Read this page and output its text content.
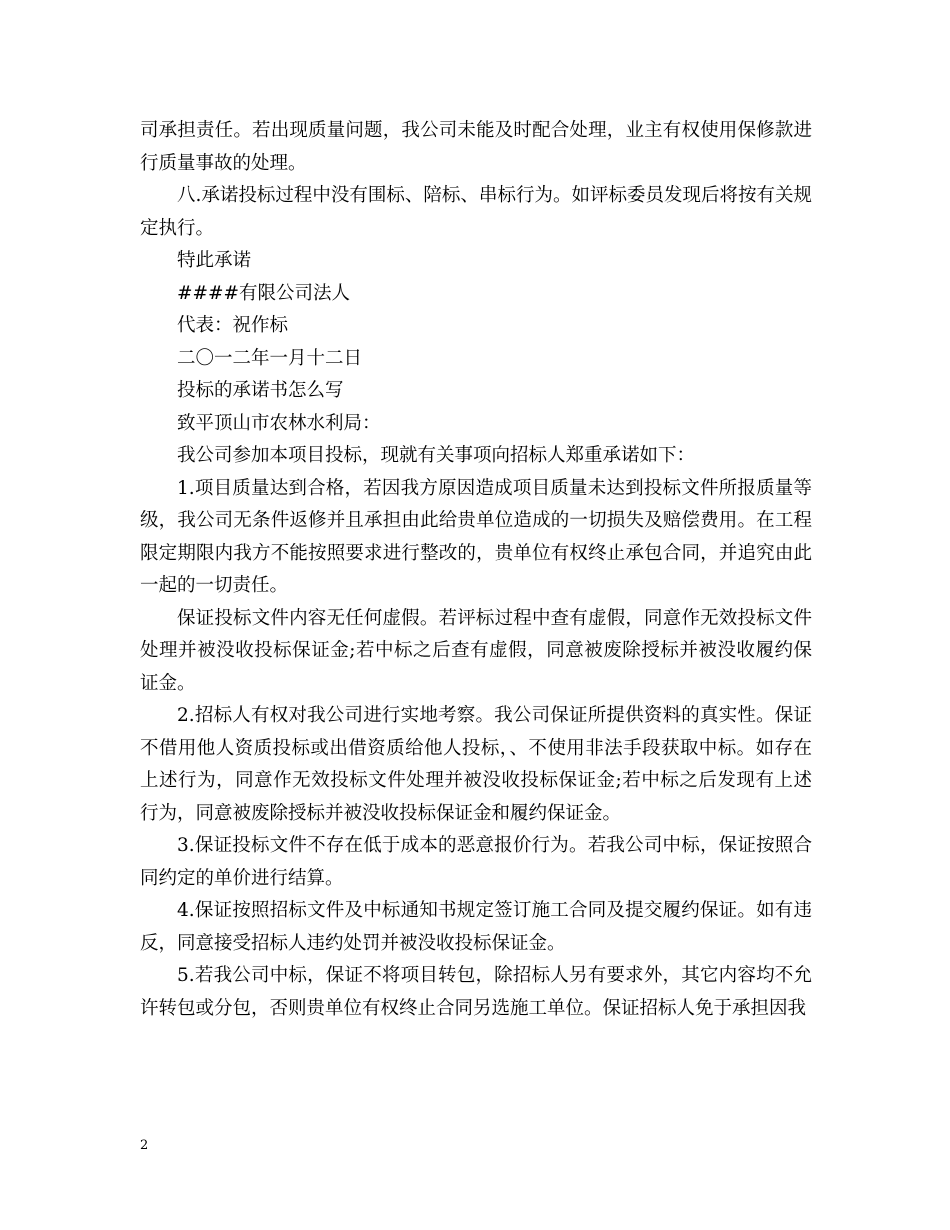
司承担责任。若出现质量问题，我公司未能及时配合处理，业主有权使用保修款进行质量事故的处理。

八.承诺投标过程中没有围标、陪标、串标行为。如评标委员发现后将按有关规定执行。

特此承诺

####有限公司法人

代表：祝作标

二〇一二年一月十二日

投标的承诺书怎么写

致平顶山市农林水利局：

我公司参加本项目投标，现就有关事项向招标人郑重承诺如下：

1.项目质量达到合格，若因我方原因造成项目质量未达到投标文件所报质量等级，我公司无条件返修并且承担由此给贵单位造成的一切损失及赔偿费用。在工程限定期限内我方不能按照要求进行整改的，贵单位有权终止承包合同，并追究由此一起的一切责任。

保证投标文件内容无任何虚假。若评标过程中查有虚假，同意作无效投标文件处理并被没收投标保证金;若中标之后查有虚假，同意被废除授标并被没收履约保证金。

2.招标人有权对我公司进行实地考察。我公司保证所提供资料的真实性。保证不借用他人资质投标或出借资质给他人投标，、不使用非法手段获取中标。如存在上述行为，同意作无效投标文件处理并被没收投标保证金;若中标之后发现有上述行为，同意被废除授标并被没收投标保证金和履约保证金。

3.保证投标文件不存在低于成本的恶意报价行为。若我公司中标，保证按照合同约定的单价进行结算。

4.保证按照招标文件及中标通知书规定签订施工合同及提交履约保证。如有违反，同意接受招标人违约处罚并被没收投标保证金。

5.若我公司中标，保证不将项目转包，除招标人另有要求外，其它内容均不允许转包或分包，否则贵单位有权终止合同另选施工单位。保证招标人免于承担因我

2
